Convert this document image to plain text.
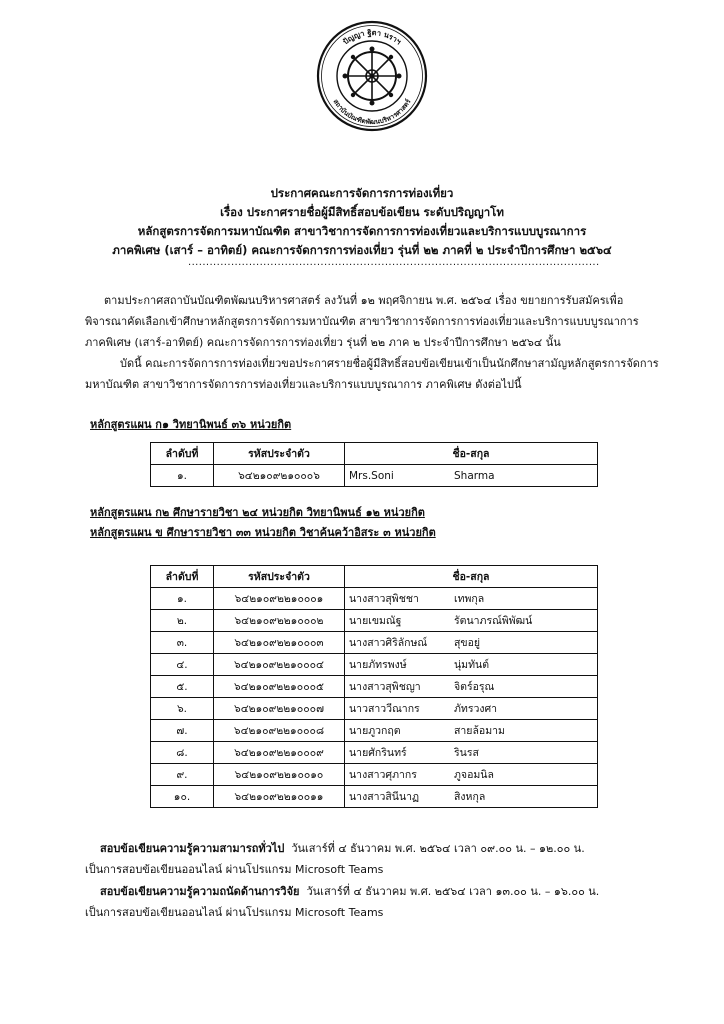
ปัญญา ฐิตา นราฯ
สถาบันบัณฑิตพัฒนบริหารศาสตร์
ประกาศคณะการจัดการการท่องเที่ยว
เรื่อง ประกาศรายชื่อผู้มีสิทธิ์สอบข้อเขียน ระดับปริญญาโท
หลักสูตรการจัดการมหาบัณฑิต สาขาวิชาการจัดการการท่องเที่ยวและบริการแบบบูรณาการ
ภาคพิเศษ (เสาร์ – อาทิตย์) คณะการจัดการการท่องเที่ยว รุ่นที่ ๒๒ ภาคที่ ๒ ประจำปีการศึกษา ๒๕๖๔
...................................................................................................................
ตามประกาศสถาบันบัณฑิตพัฒนบริหารศาสตร์ ลงวันที่ ๑๒ พฤศจิกายน พ.ศ. ๒๕๖๔ เรื่อง ขยายการรับสมัครเพื่อ
พิจารณาคัดเลือกเข้าศึกษาหลักสูตรการจัดการมหาบัณฑิต สาขาวิชาการจัดการการท่องเที่ยวและบริการแบบบูรณาการ
ภาคพิเศษ (เสาร์-อาทิตย์) คณะการจัดการการท่องเที่ยว รุ่นที่ ๒๒ ภาค ๒ ประจำปีการศึกษา ๒๕๖๔ นั้น
บัดนี้ คณะการจัดการการท่องเที่ยวขอประกาศรายชื่อผู้มีสิทธิ์สอบข้อเขียนเข้าเป็นนักศึกษาสามัญหลักสูตรการจัดการ
มหาบัณฑิต สาขาวิชาการจัดการการท่องเที่ยวและบริการแบบบูรณาการ ภาคพิเศษ ดังต่อไปนี้
หลักสูตรแผน ก๑ วิทยานิพนธ์ ๓๖ หน่วยกิต
ลำดับที่	รหัสประจำตัว	ชื่อ-สกุล
๑.	๖๔๒๑๐๙๒๑๐๐๐๖	Mrs.Soni Sharma
หลักสูตรแผน ก๒ ศึกษารายวิชา ๒๔ หน่วยกิต วิทยานิพนธ์ ๑๒ หน่วยกิต
หลักสูตรแผน ข ศึกษารายวิชา ๓๓ หน่วยกิต วิชาค้นคว้าอิสระ ๓ หน่วยกิต
ลำดับที่	รหัสประจำตัว	ชื่อ-สกุล
๑.	๖๔๒๑๐๙๒๒๑๐๐๐๑	นางสาวสุพิชชา เทพกุล
๒.	๖๔๒๑๐๙๒๒๑๐๐๐๒	นายเขมณัฐ รัตนาภรณ์พิพัฒน์
๓.	๖๔๒๑๐๙๒๒๑๐๐๐๓	นางสาวศิริลักษณ์ สุขอยู่
๔.	๖๔๒๑๐๙๒๒๑๐๐๐๔	นายภัทรพงษ์ นุ่มทันต์
๕.	๖๔๒๑๐๙๒๒๑๐๐๐๕	นางสาวสุพิชญา จิตร์อรุณ
๖.	๖๔๒๑๐๙๒๒๑๐๐๐๗	นาวสาววีณากร ภัทรวงศา
๗.	๖๔๒๑๐๙๒๒๑๐๐๐๘	นายภูวกฤต สายล้อมาม
๘.	๖๔๒๑๐๙๒๒๑๐๐๐๙	นายศักรินทร์ รินรส
๙.	๖๔๒๑๐๙๒๒๑๐๐๑๐	นางสาวศุภากร ภูจอมนิล
๑๐.	๖๔๒๑๐๙๒๒๑๐๐๑๑	นางสาวสินีนาฏ สิงหกุล
สอบข้อเขียนความรู้ความสามารถทั่วไป วันเสาร์ที่ ๔ ธันวาคม พ.ศ. ๒๕๖๔ เวลา ๐๙.๐๐ น. – ๑๒.๐๐ น.
เป็นการสอบข้อเขียนออนไลน์ ผ่านโปรแกรม Microsoft Teams
สอบข้อเขียนความรู้ความถนัดด้านการวิจัย วันเสาร์ที่ ๔ ธันวาคม พ.ศ. ๒๕๖๔ เวลา ๑๓.๐๐ น. – ๑๖.๐๐ น.
เป็นการสอบข้อเขียนออนไลน์ ผ่านโปรแกรม Microsoft Teams
